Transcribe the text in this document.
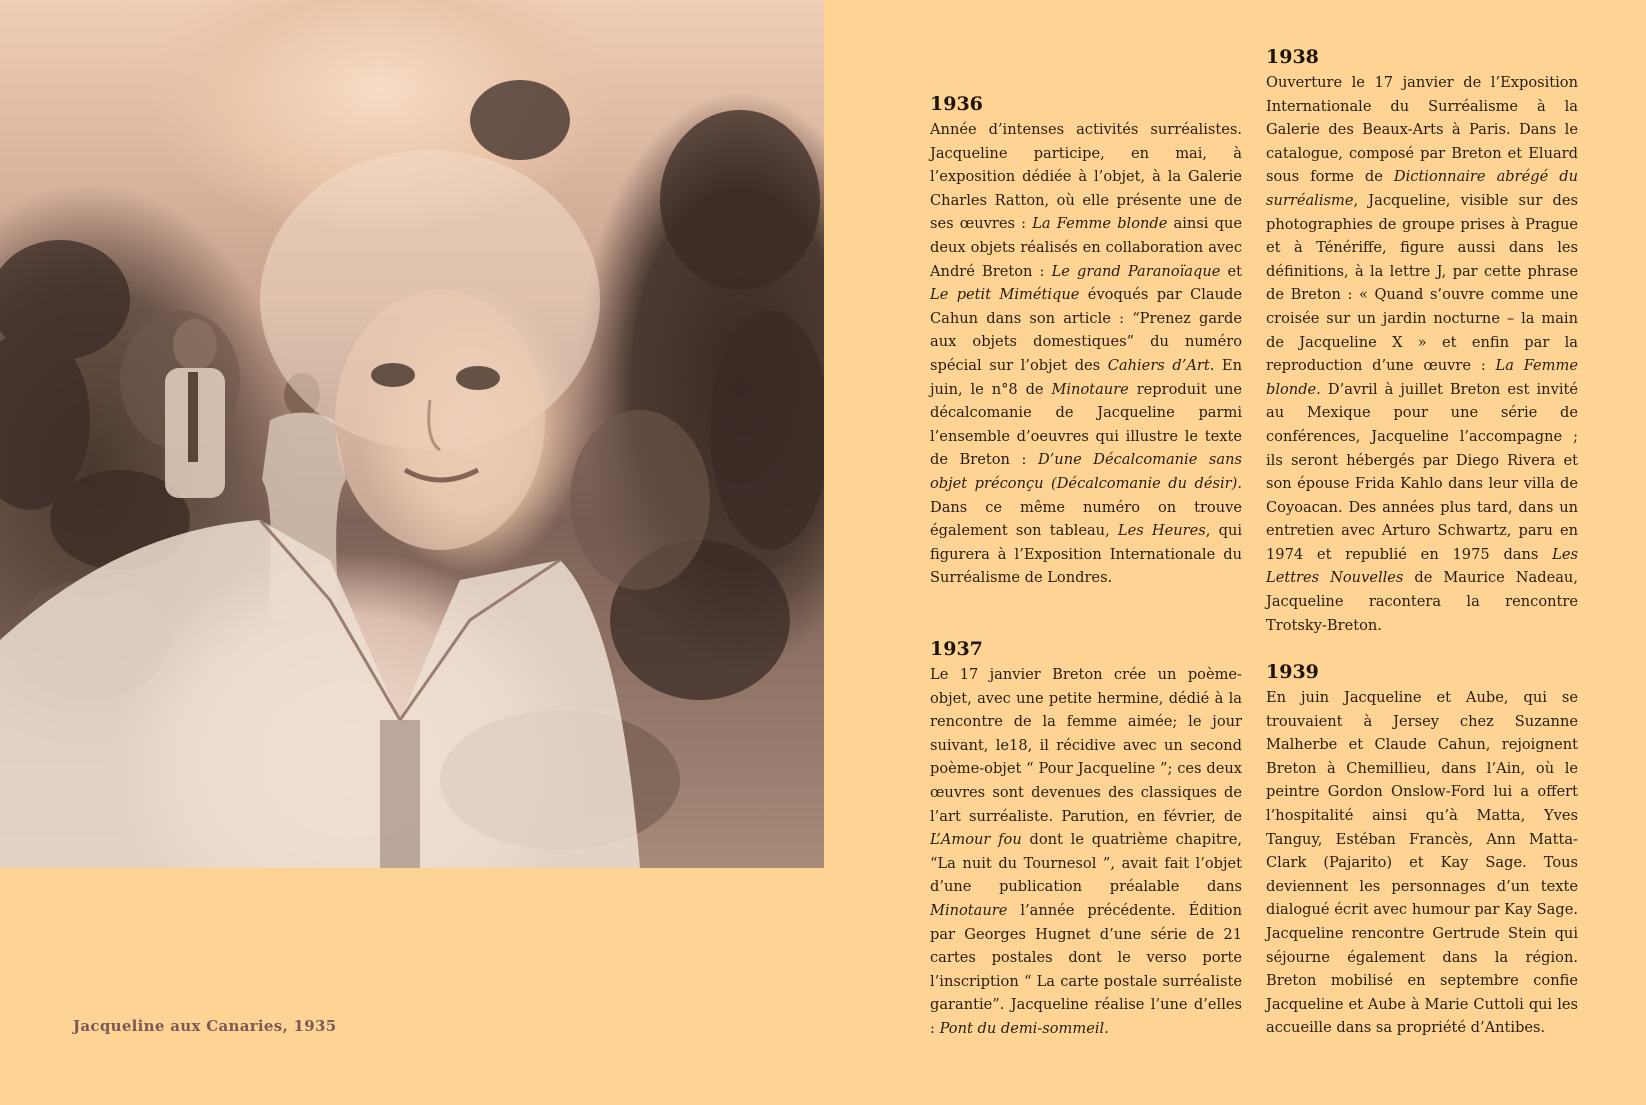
Jacqueline aux Canaries, 1935
1936

Année d’intenses activités surréalistes. Jacqueline participe, en mai, à l’exposition dédiée à l’objet, à la Galerie Charles Ratton, où elle présente une de ses œuvres : La Femme blonde ainsi que deux objets réalisés en collaboration avec André Breton : Le grand Paranoïaque et Le petit Mimétique évoqués par Claude Cahun dans son article : “Prenez garde aux objets domestiques” du numéro spécial sur l’objet des Cahiers d’Art. En juin, le n°8 de Minotaure reproduit une décalcomanie de Jacqueline parmi l’ensemble d’oeuvres qui illustre le texte de Breton : D’une Décalcomanie sans objet préconçu (Décalcomanie du désir). Dans ce même numéro on trouve également son tableau, Les Heures, qui figurera à l’Exposition Internationale du Surréalisme de Londres.

1937

Le 17 janvier Breton crée un poème-objet, avec une petite hermine, dédié à la rencontre de la femme aimée; le jour suivant, le18, il récidive avec un second poème-objet “ Pour Jacqueline ”; ces deux œuvres sont devenues des classiques de l’art surréaliste. Parution, en février, de L’Amour fou dont le quatrième chapitre, “La nuit du Tournesol ”, avait fait l’objet d’une publication préalable dans Minotaure l’année précédente. Édition par Georges Hugnet d’une série de 21 cartes postales dont le verso porte l’inscription “ La carte postale surréaliste garantie”. Jacqueline réalise l’une d’elles : Pont du demi-sommeil.

1938

Ouverture le 17 janvier de l’Exposition Internationale du Surréalisme à la Galerie des Beaux-Arts à Paris. Dans le catalogue, composé par Breton et Eluard sous forme de Dictionnaire abrégé du surréalisme, Jacqueline, visible sur des photographies de groupe prises à Prague et à Ténériffe, figure aussi dans les définitions, à la lettre J, par cette phrase de Breton : « Quand s’ouvre comme une croisée sur un jardin nocturne – la main de Jacqueline X » et enfin par la reproduction d’une œuvre : La Femme blonde. D’avril à juillet Breton est invité au Mexique pour une série de conférences, Jacqueline l’accompagne ; ils seront hébergés par Diego Rivera et son épouse Frida Kahlo dans leur villa de Coyoacan. Des années plus tard, dans un entretien avec Arturo Schwartz, paru en 1974 et republié en 1975 dans Les Lettres Nouvelles de Maurice Nadeau, Jacqueline racontera la rencontre Trotsky-Breton.

1939

En juin Jacqueline et Aube, qui se trouvaient à Jersey chez Suzanne Malherbe et Claude Cahun, rejoignent Breton à Chemillieu, dans l’Ain, où le peintre Gordon Onslow-Ford lui a offert l’hospitalité ainsi qu’à Matta, Yves Tanguy, Estéban Francès, Ann Matta-Clark (Pajarito) et Kay Sage. Tous deviennent les personnages d’un texte dialogué écrit avec humour par Kay Sage. Jacqueline rencontre Gertrude Stein qui séjourne également dans la région. Breton mobilisé en septembre confie Jacqueline et Aube à Marie Cuttoli qui les accueille dans sa propriété d’Antibes.
